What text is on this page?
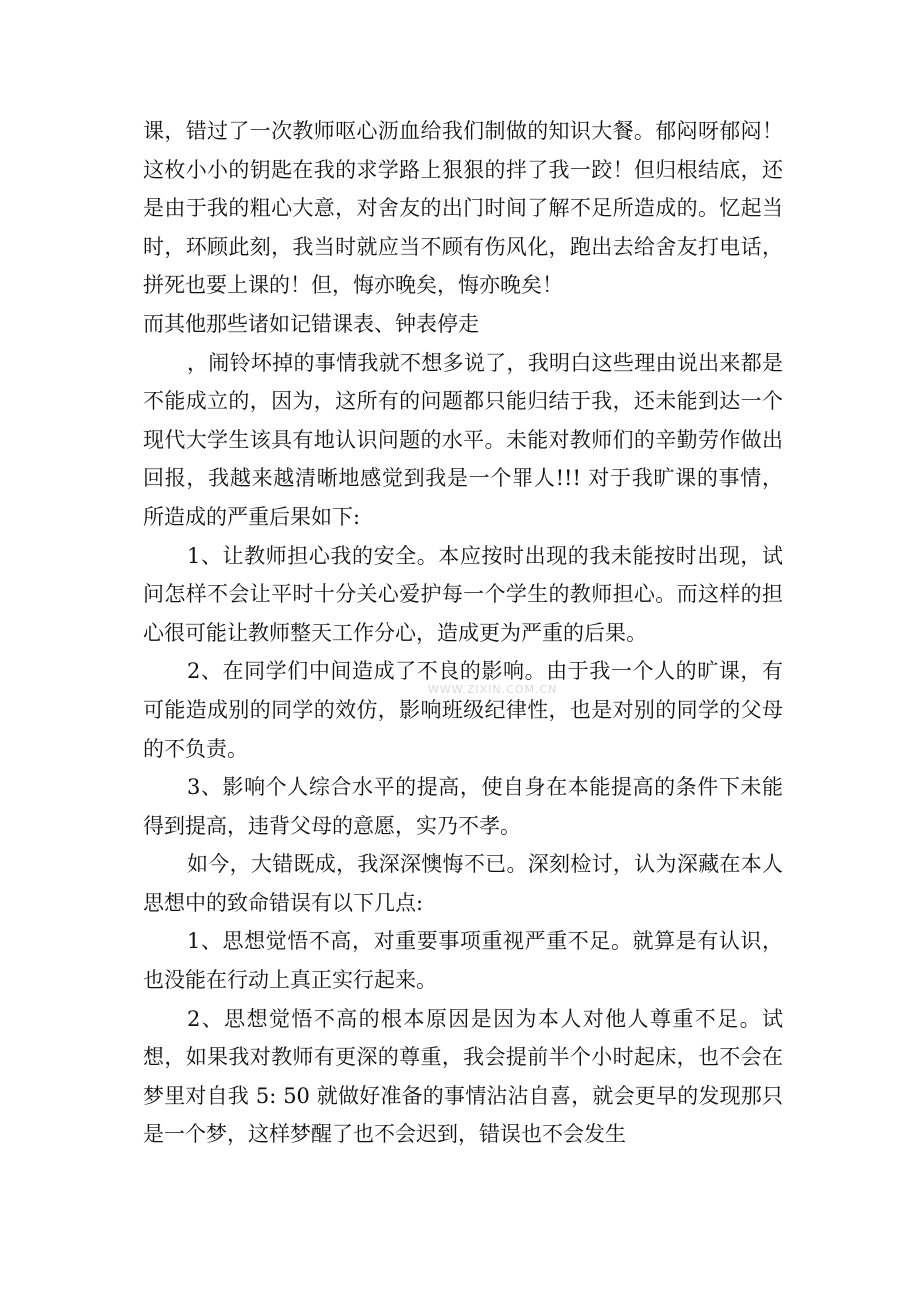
课，错过了一次教师呕心沥血给我们制做的知识大餐。郁闷呀郁闷！这枚小小的钥匙在我的求学路上狠狠的拌了我一跤！但归根结底，还是由于我的粗心大意，对舍友的出门时间了解不足所造成的。忆起当时，环顾此刻，我当时就应当不顾有伤风化，跑出去给舍友打电话，拼死也要上课的！但，悔亦晚矣，悔亦晚矣！

而其他那些诸如记错课表、钟表停走

，闹铃坏掉的事情我就不想多说了，我明白这些理由说出来都是不能成立的，因为，这所有的问题都只能归结于我，还未能到达一个现代大学生该具有地认识问题的水平。未能对教师们的辛勤劳作做出回报，我越来越清晰地感觉到我是一个罪人!!! 对于我旷课的事情，所造成的严重后果如下:

1、让教师担心我的安全。本应按时出现的我未能按时出现，试问怎样不会让平时十分关心爱护每一个学生的教师担心。而这样的担心很可能让教师整天工作分心，造成更为严重的后果。

2、在同学们中间造成了不良的影响。由于我一个人的旷课，有可能造成别的同学的效仿，影响班级纪律性，也是对别的同学的父母的不负责。

3、影响个人综合水平的提高，使自身在本能提高的条件下未能得到提高，违背父母的意愿，实乃不孝。

如今，大错既成，我深深懊悔不已。深刻检讨，认为深藏在本人思想中的致命错误有以下几点:

1、思想觉悟不高，对重要事项重视严重不足。就算是有认识，也没能在行动上真正实行起来。

2、思想觉悟不高的根本原因是因为本人对他人尊重不足。试想，如果我对教师有更深的尊重，我会提前半个小时起床，也不会在梦里对自我 5: 50 就做好准备的事情沾沾自喜，就会更早的发现那只是一个梦，这样梦醒了也不会迟到，错误也不会发生

WWW.ZIXIN.COM.CN
